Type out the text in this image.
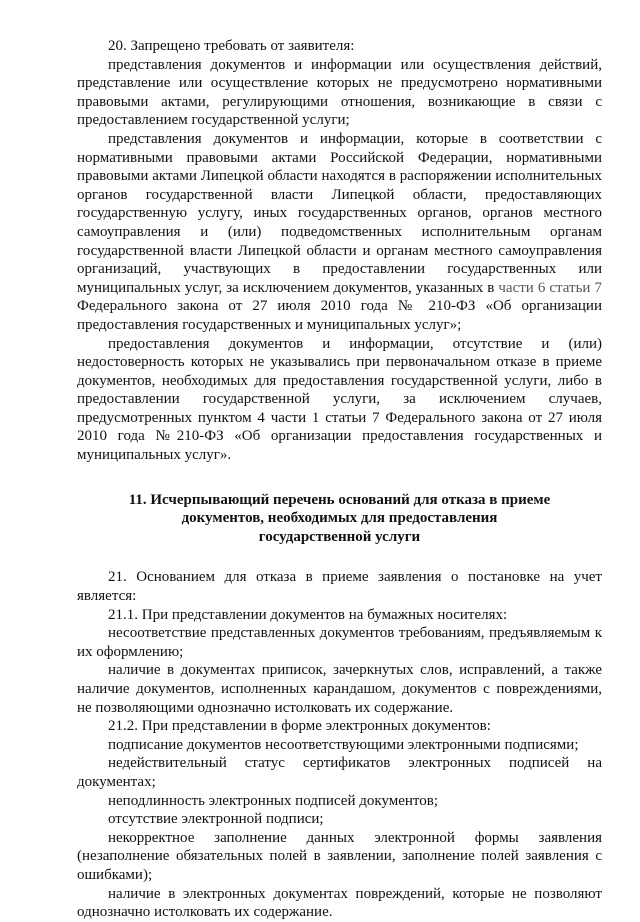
20. Запрещено требовать от заявителя:

представления документов и информации или осуществления действий, представление или осуществление которых не предусмотрено нормативными правовыми актами, регулирующими отношения, возникающие в связи с предоставлением государственной услуги;

представления документов и информации, которые в соответствии с нормативными правовыми актами Российской Федерации, нормативными правовыми актами Липецкой области находятся в распоряжении исполнительных органов государственной власти Липецкой области, предоставляющих государственную услугу, иных государственных органов, органов местного самоуправления и (или) подведомственных исполнительным органам государственной власти Липецкой области и органам местного самоуправления организаций, участвующих в предоставлении государственных или муниципальных услуг, за исключением документов, указанных в части 6 статьи 7 Федерального закона от 27 июля 2010 года № 210-ФЗ «Об организации предоставления государственных и муниципальных услуг»;

предоставления документов и информации, отсутствие и (или) недостоверность которых не указывались при первоначальном отказе в приеме документов, необходимых для предоставления государственной услуги, либо в предоставлении государственной услуги, за исключением случаев, предусмотренных пунктом 4 части 1 статьи 7 Федерального закона от 27 июля 2010 года №210-ФЗ «Об организации предоставления государственных и муниципальных услуг».

11. Исчерпывающий перечень оснований для отказа в приеме
документов, необходимых для предоставления
государственной услуги

21. Основанием для отказа в приеме заявления о постановке на учет является:

21.1. При представлении документов на бумажных носителях:

несоответствие представленных документов требованиям, предъявляемым к их оформлению;

наличие в документах приписок, зачеркнутых слов, исправлений, а также наличие документов, исполненных карандашом, документов с повреждениями, не позволяющими однозначно истолковать их содержание.

21.2. При представлении в форме электронных документов:

подписание документов несоответствующими электронными подписями;

недействительный статус сертификатов электронных подписей на документах;

неподлинность электронных подписей документов;

отсутствие электронной подписи;

некорректное заполнение данных электронной формы заявления (незаполнение обязательных полей в заявлении, заполнение полей заявления с ошибками);

наличие в электронных документах повреждений, которые не позволяют однозначно истолковать их содержание.
